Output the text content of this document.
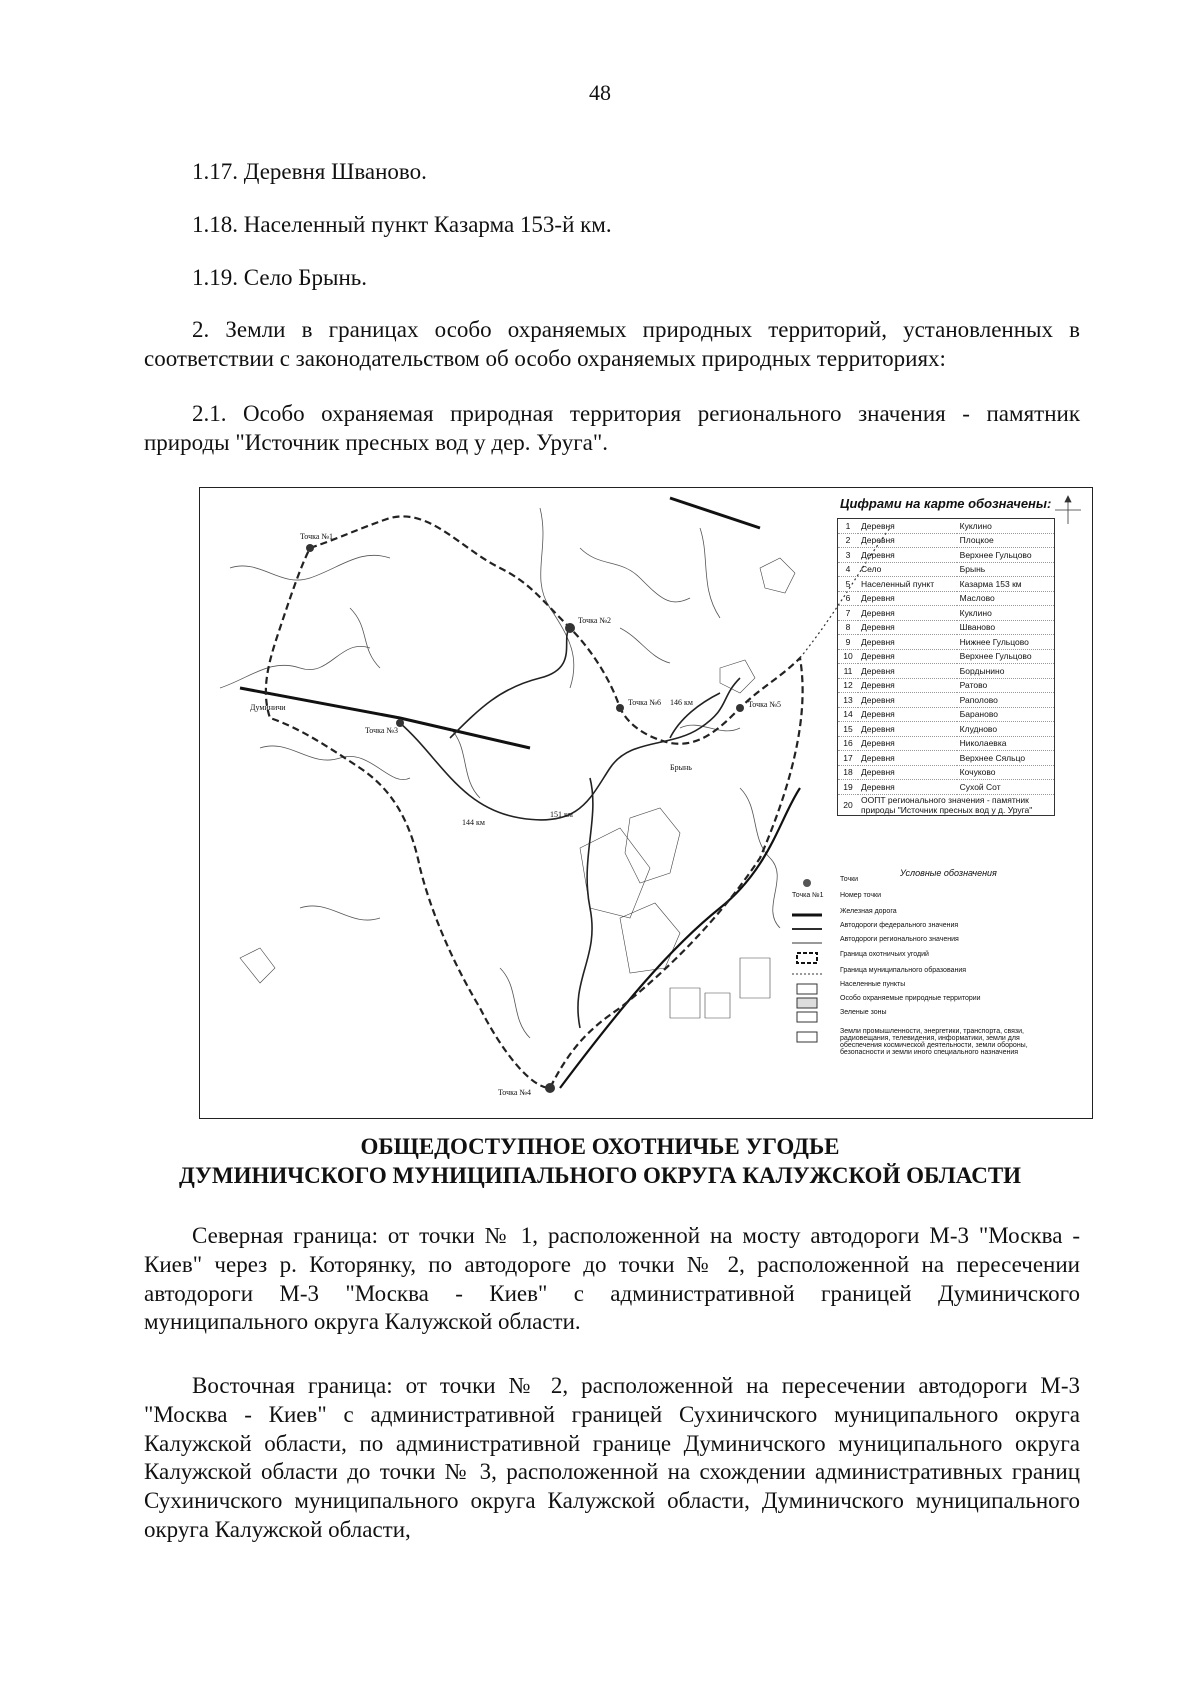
48

1.17. Деревня Шваново.

1.18. Населенный пункт Казарма 153-й км.

1.19. Село Брынь.

2. Земли в границах особо охраняемых природных территорий, установленных в соответствии с законодательством об особо охраняемых природных территориях:

2.1. Особо охраняемая природная территория регионального значения - памятник природы "Источник пресных вод у дер. Уруга".

Точка №1
Точка №2
Точка №3
Точка №6
Точка №4
Точка №5
146 км
144 км
151 км
Думиничи
Брынь
Цифрами на карте обозначены:
1	Деревня	Куклино
2	Деревня	Плоцкое
3	Деревня	Верхнее Гульцово
4	Село	Брынь
5	Населенный пункт	Казарма 153 км
6	Деревня	Маслово
7	Деревня	Куклино
8	Деревня	Шваново
9	Деревня	Нижнее Гульцово
10	Деревня	Верхнее Гульцово
11	Деревня	Бордынино
12	Деревня	Ратово
13	Деревня	Раполово
14	Деревня	Бараново
15	Деревня	Клудново
16	Деревня	Николаевка
17	Деревня	Верхнее Сяльцо
18	Деревня	Кочуково
19	Деревня	Сухой Сот
20	ООПТ регионального значения - памятник природы "Источник пресных вод у д. Уруга"	
Условные обозначения
Точки
Точка №1 Номер точки
Железная дорога
Автодороги федерального значения
Автодороги регионального значения
Граница охотничьих угодий
Граница муниципального образования
Населенные пункты
Особо охраняемые природные территории
Зеленые зоны
Земли промышленности, энергетики, транспорта, связи, радиовещания, телевидения, информатики, земли для обеспечения космической деятельности, земли обороны, безопасности и земли иного специального назначения
ОБЩЕДОСТУПНОЕ ОХОТНИЧЬЕ УГОДЬЕ
ДУМИНИЧСКОГО МУНИЦИПАЛЬНОГО ОКРУГА КАЛУЖСКОЙ ОБЛАСТИ

Северная граница: от точки № 1, расположенной на мосту автодороги М-3 "Москва - Киев" через р. Которянку, по автодороге до точки № 2, расположенной на пересечении автодороги М-3 "Москва - Киев" с административной границей Думиничского муниципального округа Калужской области.

Восточная граница: от точки № 2, расположенной на пересечении автодороги М-3 "Москва - Киев" с административной границей Сухиничского муниципального округа Калужской области, по административной границе Думиничского муниципального округа Калужской области до точки № 3, расположенной на схождении административных границ Сухиничского муниципального округа Калужской области, Думиничского муниципального округа Калужской области,
